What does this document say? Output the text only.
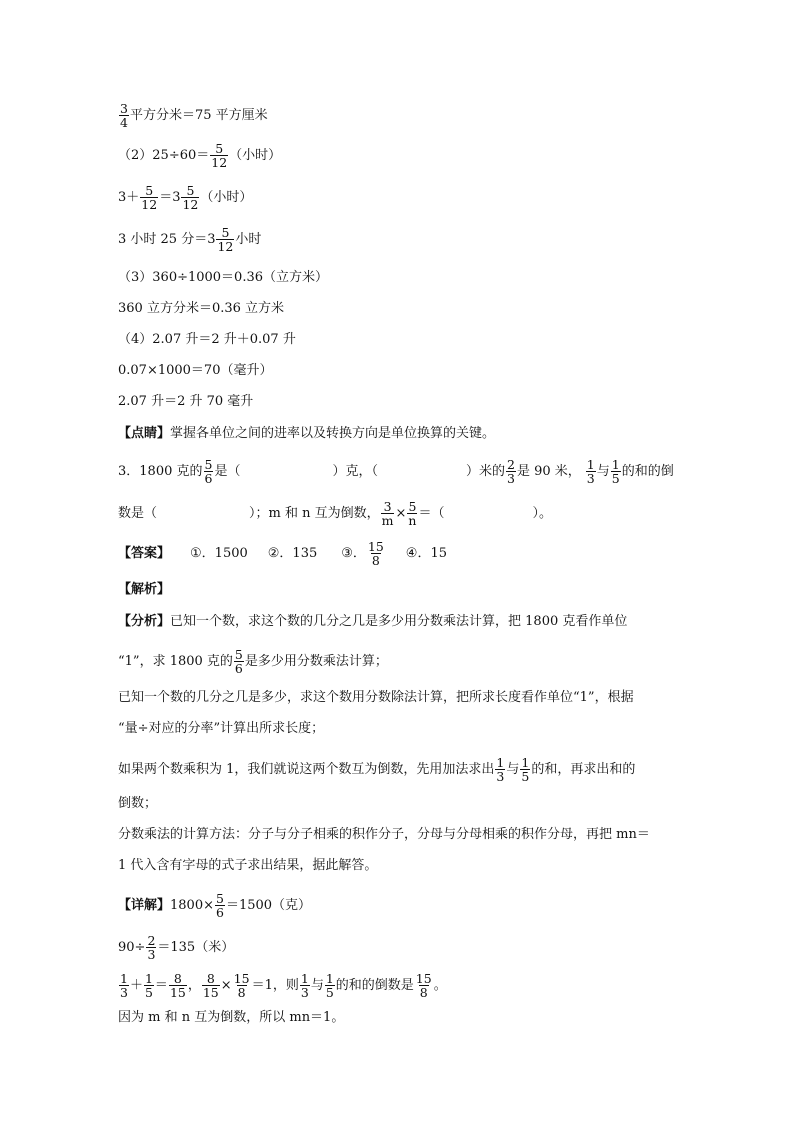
$\frac{3}{4}$ 平方分米＝75 平方厘米
$(2)25\div 60= \frac{5}{12}$ （小时）
$3+ \frac{5}{12} =3 \frac{5}{12}$ （小时）
3 小时 25 分$=3 \frac{5}{12}$ 小时
（3）360÷1000＝0.36（立方米）
360 立方分米＝0.36 立方米
（4）2.07 升＝2 升＋0.07 升
0.07×1000＝70（毫升）
2.07 升＝2 升 70 毫升
【点睛】掌握各单位之间的进率以及转换方向是单位换算的关键。
3．1800 克的 $\frac{5}{6}$ 是（	）克，（	）米的 $\frac{2}{3}$ 是 90 米， $\frac{1}{3}$ 与 $\frac{1}{5}$ 的和的倒
数是（	）；m 和 n 互为倒数， $\frac{3}{m} \times \frac{5}{n}$ ＝（	）。
【答案】 ①．1500 ②．135 ③． $\frac{15}{8}$ ④．15
【解析】
【分析】已知一个数，求这个数的几分之几是多少用分数乘法计算，把 1800 克看作单位
“1”，求 1800 克的 $\frac{5}{6}$ 是多少用分数乘法计算；
已知一个数的几分之几是多少，求这个数用分数除法计算，把所求长度看作单位“1”，根据
“量÷对应的分率”计算出所求长度；
如果两个数乘积为 1，我们就说这两个数互为倒数，先用加法求出 $\frac{1}{3}$ 与 $\frac{1}{5}$ 的和，再求出和的
倒数；
分数乘法的计算方法：分子与分子相乘的积作分子，分母与分母相乘的积作分母，再把 mn＝
1 代入含有字母的式子求出结果，据此解答。
【详解】$1800\times \frac{5}{6} =1500$（克）
$90\div \frac{2}{3} =135$（米）
$\frac{1}{3} + \frac{1}{5} = \frac{8}{15}$ ， $\frac{8}{15} \times \frac{15}{8} =1$，则 $\frac{1}{3}$ 与 $\frac{1}{5}$ 的和的倒数是 $\frac{15}{8}$ 。
因为 m 和 n 互为倒数，所以 mn＝1。
